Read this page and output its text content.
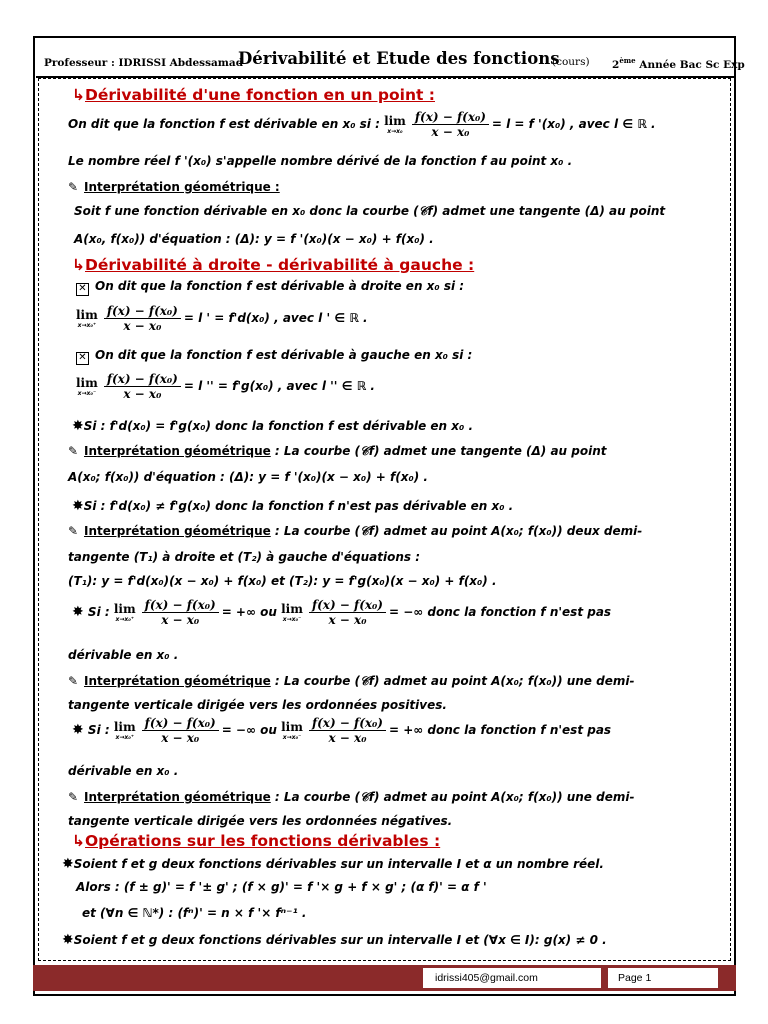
Professeur : IDRISSI Abdessamad
Dérivabilité et Etude des fonctions
(cours) 2ème Année Bac Sc Exp
↳Dérivabilité d'une fonction en un point :
On dit que la fonction f est dérivable en x₀ si : lim
$x\to x_0 \frac{\text{f(x) − f(x₀)}}{\text{x − x₀}} = l = f$ '(x₀) , avec l ∈ ℝ .
Le nombre réel f '(x₀) s'appelle nombre dérivé de la fonction f au point x₀ .
✎ Interprétation géométrique :
Soit f une fonction dérivable en x₀ donc la courbe (𝒞f) admet une tangente (Δ) au point
A(x₀, f(x₀)) d'équation : (Δ): y = f '(x₀)(x − x₀) + f(x₀) .
↳Dérivabilité à droite - dérivabilité à gauche :
✕ On dit que la fonction f est dérivable à droite en x₀ si :
lim
$x\to x_0^+ \frac{\text{f(x) − f(x₀)}}{\text{x − x₀}} = l$ ' = f'd(x₀) , avec l ' ∈ ℝ .
✕ On dit que la fonction f est dérivable à gauche en x₀ si :
lim
$x\to x_0^- \frac{\text{f(x) − f(x₀)}}{\text{x − x₀}} = l$ '' = f'g(x₀) , avec l '' ∈ ℝ .
✸Si : f'd(x₀) = f'g(x₀) donc la fonction f est dérivable en x₀ .
✎ Interprétation géométrique : La courbe (𝒞f) admet une tangente (Δ) au point
A(x₀; f(x₀)) d'équation : (Δ): y = f '(x₀)(x − x₀) + f(x₀) .
✸Si : f'd(x₀) ≠ f'g(x₀) donc la fonction f n'est pas dérivable en x₀ .
✎ Interprétation géométrique : La courbe (𝒞f) admet au point A(x₀; f(x₀)) deux demi-
tangente (T₁) à droite et (T₂) à gauche d'équations :
(T₁): y = f'd(x₀)(x − x₀) + f(x₀) et (T₂): y = f'g(x₀)(x − x₀) + f(x₀) .
✸ Si : lim
$x\to x_0^+ \frac{\text{f(x) − f(x₀)}}{\text{x − x₀}}$ = +∞ ou lim
$x\to x_0^- \frac{\text{f(x) − f(x₀)}}{\text{x − x₀}}$ = −∞ donc la fonction f n'est pas
dérivable en x₀ .
✎ Interprétation géométrique : La courbe (𝒞f) admet au point A(x₀; f(x₀)) une demi-
tangente verticale dirigée vers les ordonnées positives.
✸ Si : lim
$x\to x_0^+ \frac{\text{f(x) − f(x₀)}}{\text{x − x₀}}$ = −∞ ou lim
$x\to x_0^- \frac{\text{f(x) − f(x₀)}}{\text{x − x₀}}$ = +∞ donc la fonction f n'est pas
dérivable en x₀ .
✎ Interprétation géométrique : La courbe (𝒞f) admet au point A(x₀; f(x₀)) une demi-
tangente verticale dirigée vers les ordonnées négatives.
↳Opérations sur les fonctions dérivables :
✸Soient f et g deux fonctions dérivables sur un intervalle I et α un nombre réel.
Alors : (f ± g)' = f '± g' ; (f × g)' = f '× g + f × g' ; (α f)' = α f '
et (∀n ∈ ℕ*) : (fⁿ)' = n × f '× fⁿ⁻¹ .
✸Soient f et g deux fonctions dérivables sur un intervalle I et (∀x ∈ I): g(x) ≠ 0 .
idrissi405@gmail.com	Page 1
